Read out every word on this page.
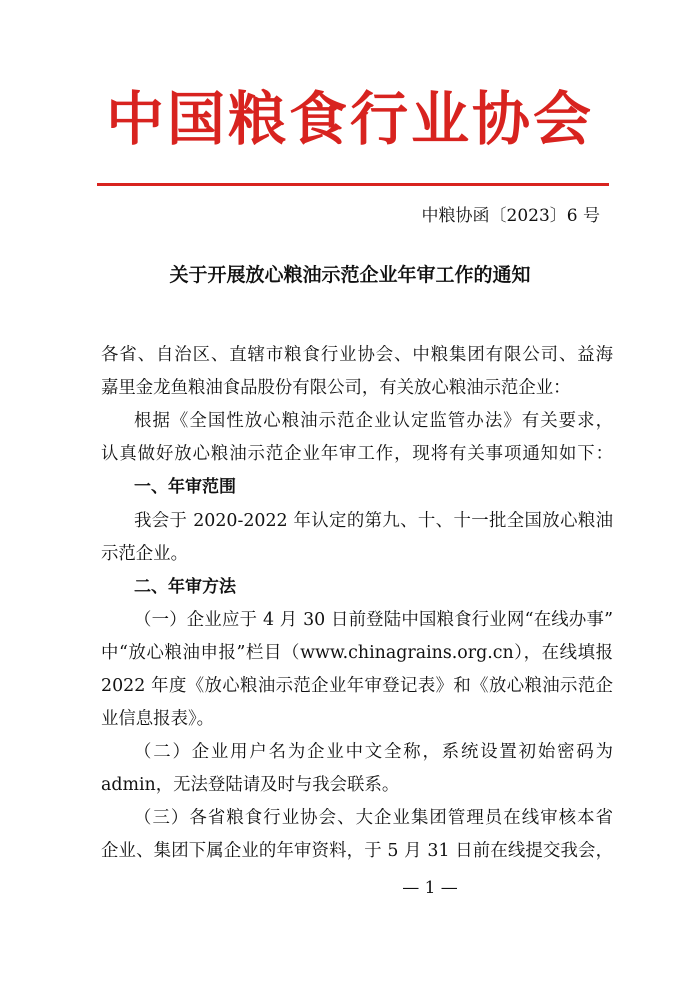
中国粮食行业协会
中粮协函〔2023〕6 号
关于开展放心粮油示范企业年审工作的通知
各省、自治区、直辖市粮食行业协会、中粮集团有限公司、益海
嘉里金龙鱼粮油食品股份有限公司，有关放心粮油示范企业：
根据《全国性放心粮油示范企业认定监管办法》有关要求，
认真做好放心粮油示范企业年审工作，现将有关事项通知如下：
一、年审范围
我会于 2020-2022 年认定的第九、十、十一批全国放心粮油
示范企业。
二、年审方法
（一）企业应于 4 月 30 日前登陆中国粮食行业网“在线办事”
中“放心粮油申报”栏目（www.chinagrains.org.cn），在线填报
2022 年度《放心粮油示范企业年审登记表》和《放心粮油示范企
业信息报表》。
（二）企业用户名为企业中文全称，系统设置初始密码为
admin，无法登陆请及时与我会联系。
（三）各省粮食行业协会、大企业集团管理员在线审核本省
企业、集团下属企业的年审资料，于 5 月 31 日前在线提交我会，
— 1 —
